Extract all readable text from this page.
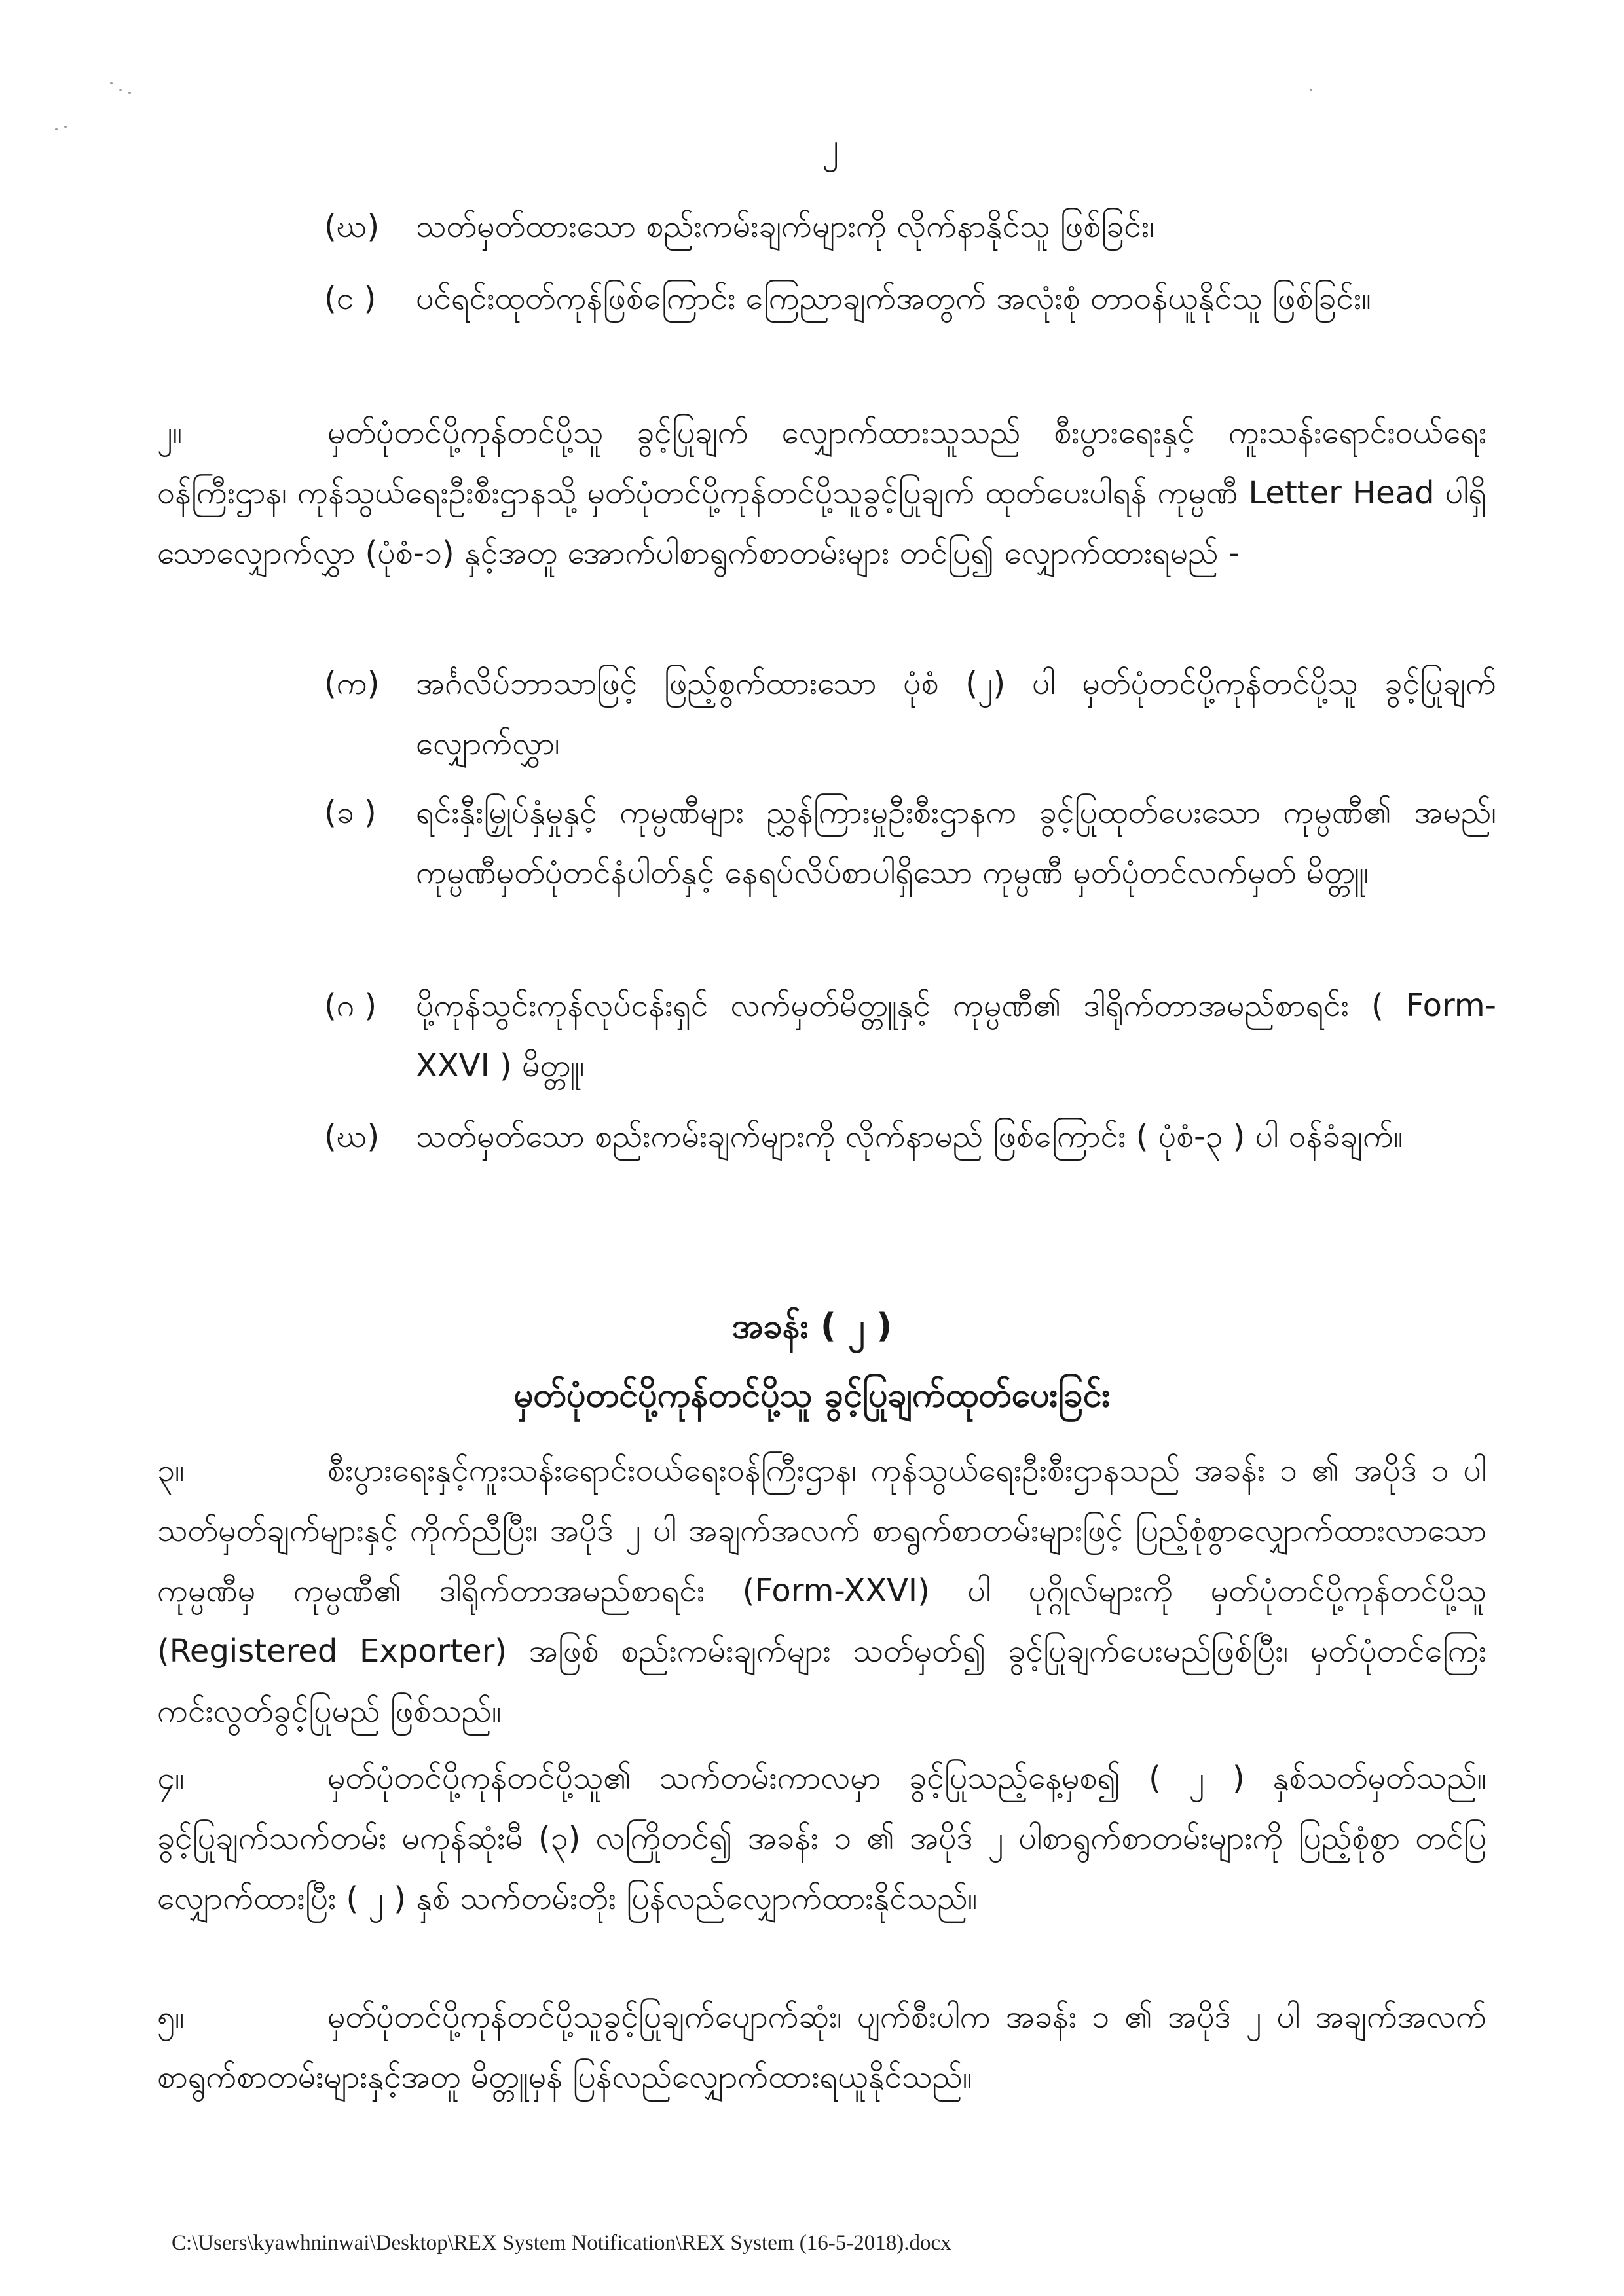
၂
(ဃ) သတ်မှတ်ထားသော စည်းကမ်းချက်များကို လိုက်နာနိုင်သူ ဖြစ်ခြင်း၊
(င ) ပင်ရင်းထုတ်ကုန်ဖြစ်ကြောင်း ကြေညာချက်အတွက် အလုံးစုံ တာဝန်ယူနိုင်သူ ဖြစ်ခြင်း။
၂။	မှတ်ပုံတင်ပို့ကုန်တင်ပို့သူ ခွင့်ပြုချက် လျှောက်ထားသူသည် စီးပွားရေးနှင့် ကူးသန်းရောင်းဝယ်ရေးဝန်ကြီးဌာန၊ ကုန်သွယ်ရေးဦးစီးဌာနသို့ မှတ်ပုံတင်ပို့ကုန်တင်ပို့သူခွင့်ပြုချက် ထုတ်ပေးပါရန် ကုမ္ပဏီ Letter Head ပါရှိသောလျှောက်လွှာ (ပုံစံ-၁) နှင့်အတူ အောက်ပါစာရွက်စာတမ်းများ တင်ပြ၍ လျှောက်ထားရမည် -
(က) အင်္ဂလိပ်ဘာသာဖြင့် ဖြည့်စွက်ထားသော ပုံစံ (၂) ပါ မှတ်ပုံတင်ပို့ကုန်တင်ပို့သူ ခွင့်ပြုချက် လျှောက်လွှာ၊
(ခ ) ရင်းနှီးမြှုပ်နှံမှုနှင့် ကုမ္ပဏီများ ညွှန်ကြားမှုဦးစီးဌာနက ခွင့်ပြုထုတ်ပေးသော ကုမ္ပဏီ၏ အမည်၊ ကုမ္ပဏီမှတ်ပုံတင်နံပါတ်နှင့် နေရပ်လိပ်စာပါရှိသော ကုမ္ပဏီ မှတ်ပုံတင်လက်မှတ် မိတ္တူ၊
(ဂ ) ပို့ကုန်သွင်းကုန်လုပ်ငန်းရှင် လက်မှတ်မိတ္တူနှင့် ကုမ္ပဏီ၏ ဒါရိုက်တာအမည်စာရင်း ( Form-XXVI ) မိတ္တူ၊
(ဃ) သတ်မှတ်သော စည်းကမ်းချက်များကို လိုက်နာမည် ဖြစ်ကြောင်း ( ပုံစံ-၃ ) ပါ ဝန်ခံချက်။
အခန်း ( ၂ )
မှတ်ပုံတင်ပို့ကုန်တင်ပို့သူ ခွင့်ပြုချက်ထုတ်ပေးခြင်း
၃။	စီးပွားရေးနှင့်ကူးသန်းရောင်းဝယ်ရေးဝန်ကြီးဌာန၊ ကုန်သွယ်ရေးဦးစီးဌာနသည် အခန်း ၁ ၏ အပိုဒ် ၁ ပါ သတ်မှတ်ချက်များနှင့် ကိုက်ညီပြီး၊ အပိုဒ် ၂ ပါ အချက်အလက် စာရွက်စာတမ်းများဖြင့် ပြည့်စုံစွာလျှောက်ထားလာသော ကုမ္ပဏီမှ ကုမ္ပဏီ၏ ဒါရိုက်တာအမည်စာရင်း (Form-XXVI) ပါ ပုဂ္ဂိုလ်များကို မှတ်ပုံတင်ပို့ကုန်တင်ပို့သူ (Registered Exporter) အဖြစ် စည်းကမ်းချက်များ သတ်မှတ်၍ ခွင့်ပြုချက်ပေးမည်ဖြစ်ပြီး၊ မှတ်ပုံတင်ကြေးကင်းလွတ်ခွင့်ပြုမည် ဖြစ်သည်။
၄။	မှတ်ပုံတင်ပို့ကုန်တင်ပို့သူ၏ သက်တမ်းကာလမှာ ခွင့်ပြုသည့်နေ့မှစ၍ ( ၂ ) နှစ်သတ်မှတ်သည်။ ခွင့်ပြုချက်သက်တမ်း မကုန်ဆုံးမီ (၃) လကြိုတင်၍ အခန်း ၁ ၏ အပိုဒ် ၂ ပါစာရွက်စာတမ်းများကို ပြည့်စုံစွာ တင်ပြလျှောက်ထားပြီး ( ၂ ) နှစ် သက်တမ်းတိုး ပြန်လည်လျှောက်ထားနိုင်သည်။
၅။	မှတ်ပုံတင်ပို့ကုန်တင်ပို့သူခွင့်ပြုချက်ပျောက်ဆုံး၊ ပျက်စီးပါက အခန်း ၁ ၏ အပိုဒ် ၂ ပါ အချက်အလက် စာရွက်စာတမ်းများနှင့်အတူ မိတ္တူမှန် ပြန်လည်လျှောက်ထားရယူနိုင်သည်။
C:\Users\kyawhninwai\Desktop\REX System Notification\REX System (16-5-2018).docx
